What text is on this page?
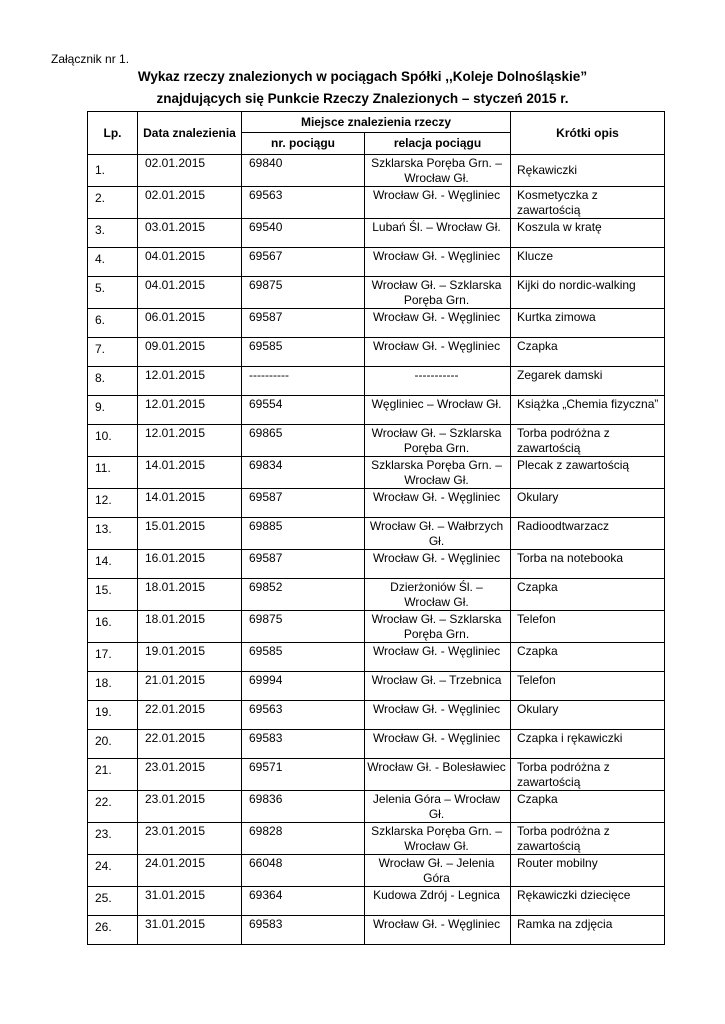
Załącznik nr 1.
Wykaz rzeczy znalezionych w pociągach Spółki ,,Koleje Dolnośląskie”
znajdujących się Punkcie Rzeczy Znalezionych – styczeń 2015 r.
Lp.	Data znalezienia	Miejsce znalezienia rzeczy		Krótki opis
		nr. pociągu	relacja pociągu	
1.	02.01.2015	69840	Szklarska Poręba Grn. – Wrocław Gł.	Rękawiczki
2.	02.01.2015	69563	Wrocław Gł. - Węgliniec	Kosmetyczka z zawartością
3.	03.01.2015	69540	Lubań Śl. – Wrocław Gł.	Koszula w kratę
4.	04.01.2015	69567	Wrocław Gł. - Węgliniec	Klucze
5.	04.01.2015	69875	Wrocław Gł. – Szklarska Poręba Grn.	Kijki do nordic-walking
6.	06.01.2015	69587	Wrocław Gł. - Węgliniec	Kurtka zimowa
7.	09.01.2015	69585	Wrocław Gł. - Węgliniec	Czapka
8.	12.01.2015	----------	-----------	Zegarek damski
9.	12.01.2015	69554	Węgliniec – Wrocław Gł.	Książka „Chemia fizyczna”
10.	12.01.2015	69865	Wrocław Gł. – Szklarska Poręba Grn.	Torba podróżna z zawartością
11.	14.01.2015	69834	Szklarska Poręba Grn. – Wrocław Gł.	Plecak z zawartością
12.	14.01.2015	69587	Wrocław Gł. - Węgliniec	Okulary
13.	15.01.2015	69885	Wrocław Gł. – Wałbrzych Gł.	Radioodtwarzacz
14.	16.01.2015	69587	Wrocław Gł. - Węgliniec	Torba na notebooka
15.	18.01.2015	69852	Dzierżoniów Śl. – Wrocław Gł.	Czapka
16.	18.01.2015	69875	Wrocław Gł. – Szklarska Poręba Grn.	Telefon
17.	19.01.2015	69585	Wrocław Gł. - Węgliniec	Czapka
18.	21.01.2015	69994	Wrocław Gł. – Trzebnica	Telefon
19.	22.01.2015	69563	Wrocław Gł. - Węgliniec	Okulary
20.	22.01.2015	69583	Wrocław Gł. - Węgliniec	Czapka i rękawiczki
21.	23.01.2015	69571	Wrocław Gł. - Bolesławiec	Torba podróżna z zawartością
22.	23.01.2015	69836	Jelenia Góra – Wrocław Gł.	Czapka
23.	23.01.2015	69828	Szklarska Poręba Grn. – Wrocław Gł.	Torba podróżna z zawartością
24.	24.01.2015	66048	Wrocław Gł. – Jelenia Góra	Router mobilny
25.	31.01.2015	69364	Kudowa Zdrój - Legnica	Rękawiczki dziecięce
26.	31.01.2015	69583	Wrocław Gł. - Węgliniec	Ramka na zdjęcia
